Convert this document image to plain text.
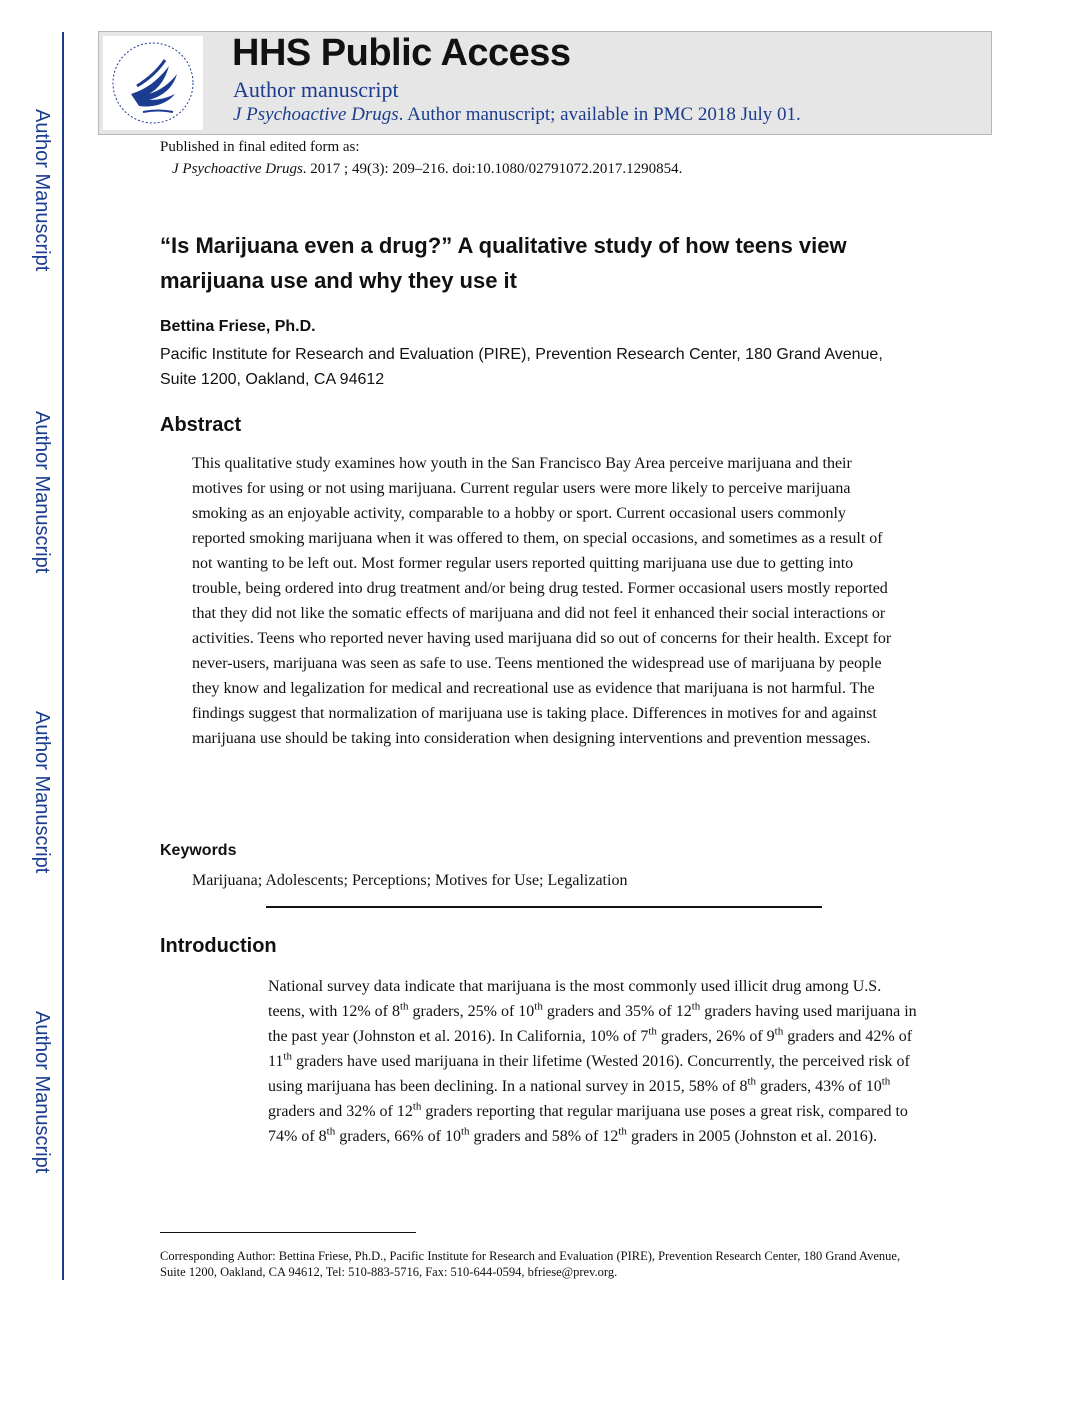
Author Manuscript
Author Manuscript
Author Manuscript
Author Manuscript
HHS Public Access
Author manuscript
J Psychoactive Drugs. Author manuscript; available in PMC 2018 July 01.
Published in final edited form as:
J Psychoactive Drugs. 2017 ; 49(3): 209–216. doi:10.1080/02791072.2017.1290854.
“Is Marijuana even a drug?” A qualitative study of how teens view marijuana use and why they use it
Bettina Friese, Ph.D.
Pacific Institute for Research and Evaluation (PIRE), Prevention Research Center, 180 Grand Avenue, Suite 1200, Oakland, CA 94612
Abstract
This qualitative study examines how youth in the San Francisco Bay Area perceive marijuana and their motives for using or not using marijuana. Current regular users were more likely to perceive marijuana smoking as an enjoyable activity, comparable to a hobby or sport. Current occasional users commonly reported smoking marijuana when it was offered to them, on special occasions, and sometimes as a result of not wanting to be left out. Most former regular users reported quitting marijuana use due to getting into trouble, being ordered into drug treatment and/or being drug tested. Former occasional users mostly reported that they did not like the somatic effects of marijuana and did not feel it enhanced their social interactions or activities. Teens who reported never having used marijuana did so out of concerns for their health. Except for never-users, marijuana was seen as safe to use. Teens mentioned the widespread use of marijuana by people they know and legalization for medical and recreational use as evidence that marijuana is not harmful. The findings suggest that normalization of marijuana use is taking place. Differences in motives for and against marijuana use should be taking into consideration when designing interventions and prevention messages.
Keywords
Marijuana; Adolescents; Perceptions; Motives for Use; Legalization
Introduction
National survey data indicate that marijuana is the most commonly used illicit drug among U.S. teens, with 12% of 8th graders, 25% of 10th graders and 35% of 12th graders having used marijuana in the past year (Johnston et al. 2016). In California, 10% of 7th graders, 26% of 9th graders and 42% of 11th graders have used marijuana in their lifetime (Wested 2016). Concurrently, the perceived risk of using marijuana has been declining. In a national survey in 2015, 58% of 8th graders, 43% of 10th graders and 32% of 12th graders reporting that regular marijuana use poses a great risk, compared to 74% of 8th graders, 66% of 10th graders and 58% of 12th graders in 2005 (Johnston et al. 2016).
Corresponding Author: Bettina Friese, Ph.D., Pacific Institute for Research and Evaluation (PIRE), Prevention Research Center, 180 Grand Avenue, Suite 1200, Oakland, CA 94612, Tel: 510-883-5716, Fax: 510-644-0594, bfriese@prev.org.
